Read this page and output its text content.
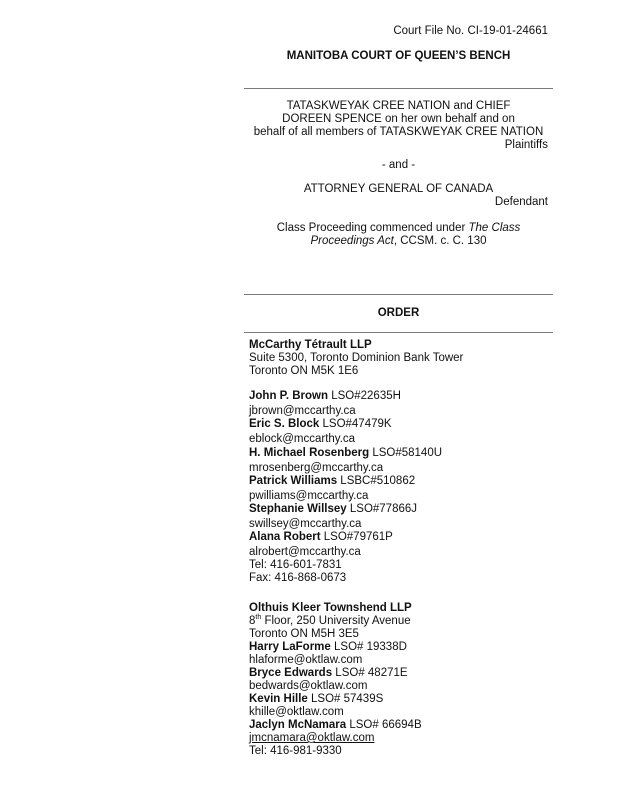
Court File No. CI-19-01-24661
MANITOBA COURT OF QUEEN’S BENCH
TATASKWEYAK CREE NATION and CHIEF
DOREEN SPENCE on her own behalf and on
behalf of all members of TATASKWEYAK CREE NATION
Plaintiffs
- and -
ATTORNEY GENERAL OF CANADA
Defendant
Class Proceeding commenced under The Class
Proceedings Act, CCSM. c. C. 130
ORDER
McCarthy Tétrault LLP
Suite 5300, Toronto Dominion Bank Tower
Toronto ON M5K 1E6
John P. Brown LSO#22635H
jbrown@mccarthy.ca
Eric S. Block LSO#47479K
eblock@mccarthy.ca
H. Michael Rosenberg LSO#58140U
mrosenberg@mccarthy.ca
Patrick Williams LSBC#510862
pwilliams@mccarthy.ca
Stephanie Willsey LSO#77866J
swillsey@mccarthy.ca
Alana Robert LSO#79761P
alrobert@mccarthy.ca
Tel: 416-601-7831
Fax: 416-868-0673
Olthuis Kleer Townshend LLP
8th Floor, 250 University Avenue
Toronto ON M5H 3E5
Harry LaForme LSO# 19338D
hlaforme@oktlaw.com
Bryce Edwards LSO# 48271E
bedwards@oktlaw.com
Kevin Hille LSO# 57439S
khille@oktlaw.com
Jaclyn McNamara LSO# 66694B
jmcnamara@oktlaw.com
Tel: 416-981-9330
